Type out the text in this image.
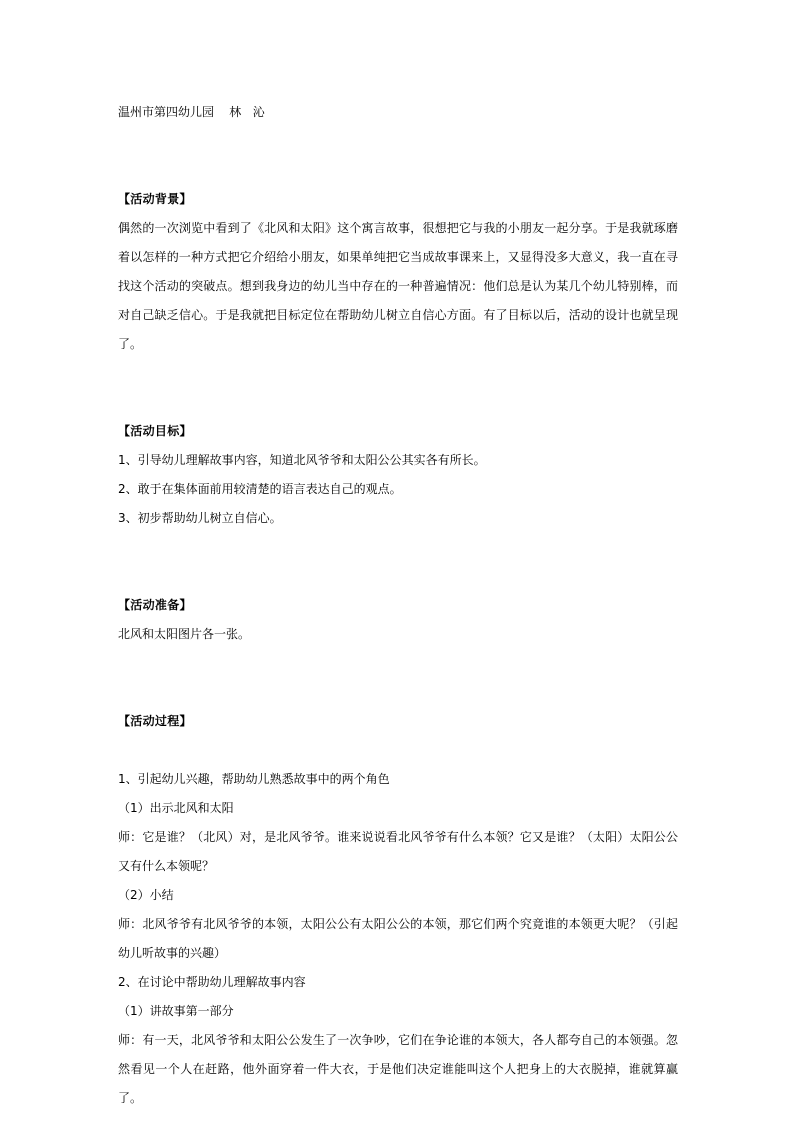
温州市第四幼儿园    林   沁

【活动背景】

偶然的一次浏览中看到了《北风和太阳》这个寓言故事，很想把它与我的小朋友一起分享。于是我就琢磨着以怎样的一种方式把它介绍给小朋友，如果单纯把它当成故事课来上，又显得没多大意义，我一直在寻找这个活动的突破点。想到我身边的幼儿当中存在的一种普遍情况：他们总是认为某几个幼儿特别棒，而对自己缺乏信心。于是我就把目标定位在帮助幼儿树立自信心方面。有了目标以后，活动的设计也就呈现了。

【活动目标】

1、引导幼儿理解故事内容，知道北风爷爷和太阳公公其实各有所长。

2、敢于在集体面前用较清楚的语言表达自己的观点。

3、初步帮助幼儿树立自信心。

【活动准备】

北风和太阳图片各一张。

【活动过程】

1、引起幼儿兴趣，帮助幼儿熟悉故事中的两个角色

（1）出示北风和太阳

师：它是谁？（北风）对，是北风爷爷。谁来说说看北风爷爷有什么本领？它又是谁？（太阳）太阳公公又有什么本领呢？

（2）小结

师：北风爷爷有北风爷爷的本领，太阳公公有太阳公公的本领，那它们两个究竟谁的本领更大呢？（引起幼儿听故事的兴趣）

2、在讨论中帮助幼儿理解故事内容

（1）讲故事第一部分

师：有一天，北风爷爷和太阳公公发生了一次争吵，它们在争论谁的本领大，各人都夸自己的本领强。忽然看见一个人在赶路，他外面穿着一件大衣，于是他们决定谁能叫这个人把身上的大衣脱掉，谁就算赢了。
